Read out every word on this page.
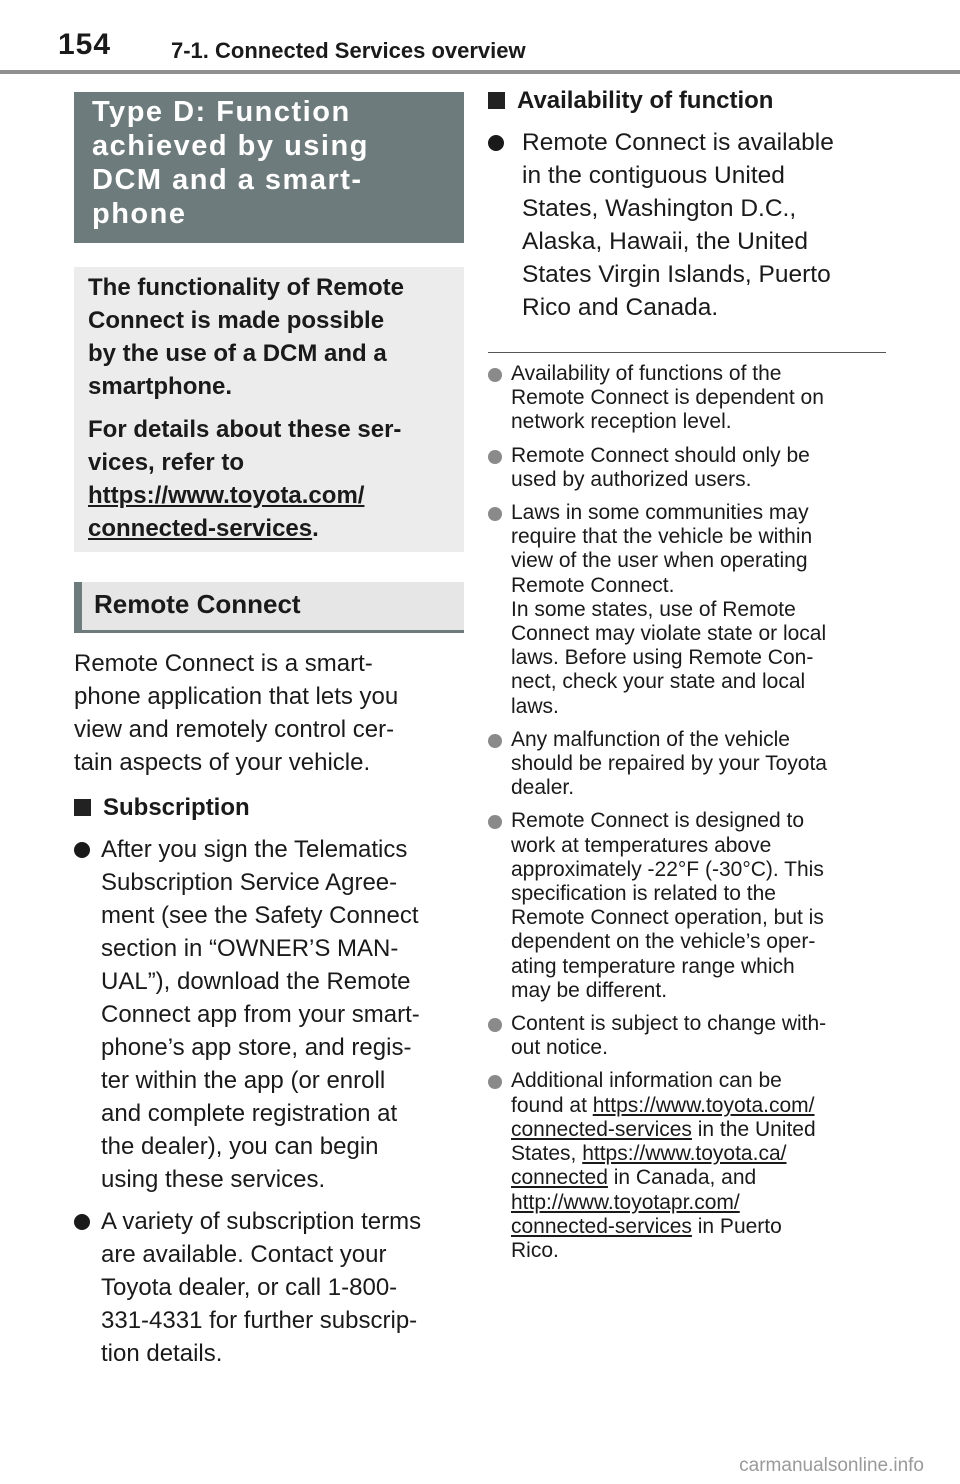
154	7-1. Connected Services overview
Type D: Function
achieved by using
DCM and a smart-
phone

The functionality of Remote
Connect is made possible
by the use of a DCM and a
smartphone.

For details about these ser-
vices, refer to
https://www.toyota.com/
connected-services.

Remote Connect

Remote Connect is a smart-
phone application that lets you
view and remotely control cer-
tain aspects of your vehicle.

Subscription

After you sign the Telematics
Subscription Service Agree-
ment (see the Safety Connect
section in “OWNER’S MAN-
UAL”), download the Remote
Connect app from your smart-
phone’s app store, and regis-
ter within the app (or enroll
and complete registration at
the dealer), you can begin
using these services.

A variety of subscription terms
are available. Contact your
Toyota dealer, or call 1-800-
331-4331 for further subscrip-
tion details.

Availability of function

Remote Connect is available
in the contiguous United
States, Washington D.C.,
Alaska, Hawaii, the United
States Virgin Islands, Puerto
Rico and Canada.

Availability of functions of the
Remote Connect is dependent on
network reception level.

Remote Connect should only be
used by authorized users.

Laws in some communities may
require that the vehicle be within
view of the user when operating
Remote Connect.
In some states, use of Remote
Connect may violate state or local
laws. Before using Remote Con-
nect, check your state and local
laws.

Any malfunction of the vehicle
should be repaired by your Toyota
dealer.

Remote Connect is designed to
work at temperatures above
approximately -22°F (-30°C). This
specification is related to the
Remote Connect operation, but is
dependent on the vehicle’s oper-
ating temperature range which
may be different.

Content is subject to change with-
out notice.

Additional information can be
found at https://www.toyota.com/
connected-services in the United
States, https://www.toyota.ca/
connected in Canada, and
http://www.toyotapr.com/
connected-services in Puerto
Rico.

carmanualsonline.info
